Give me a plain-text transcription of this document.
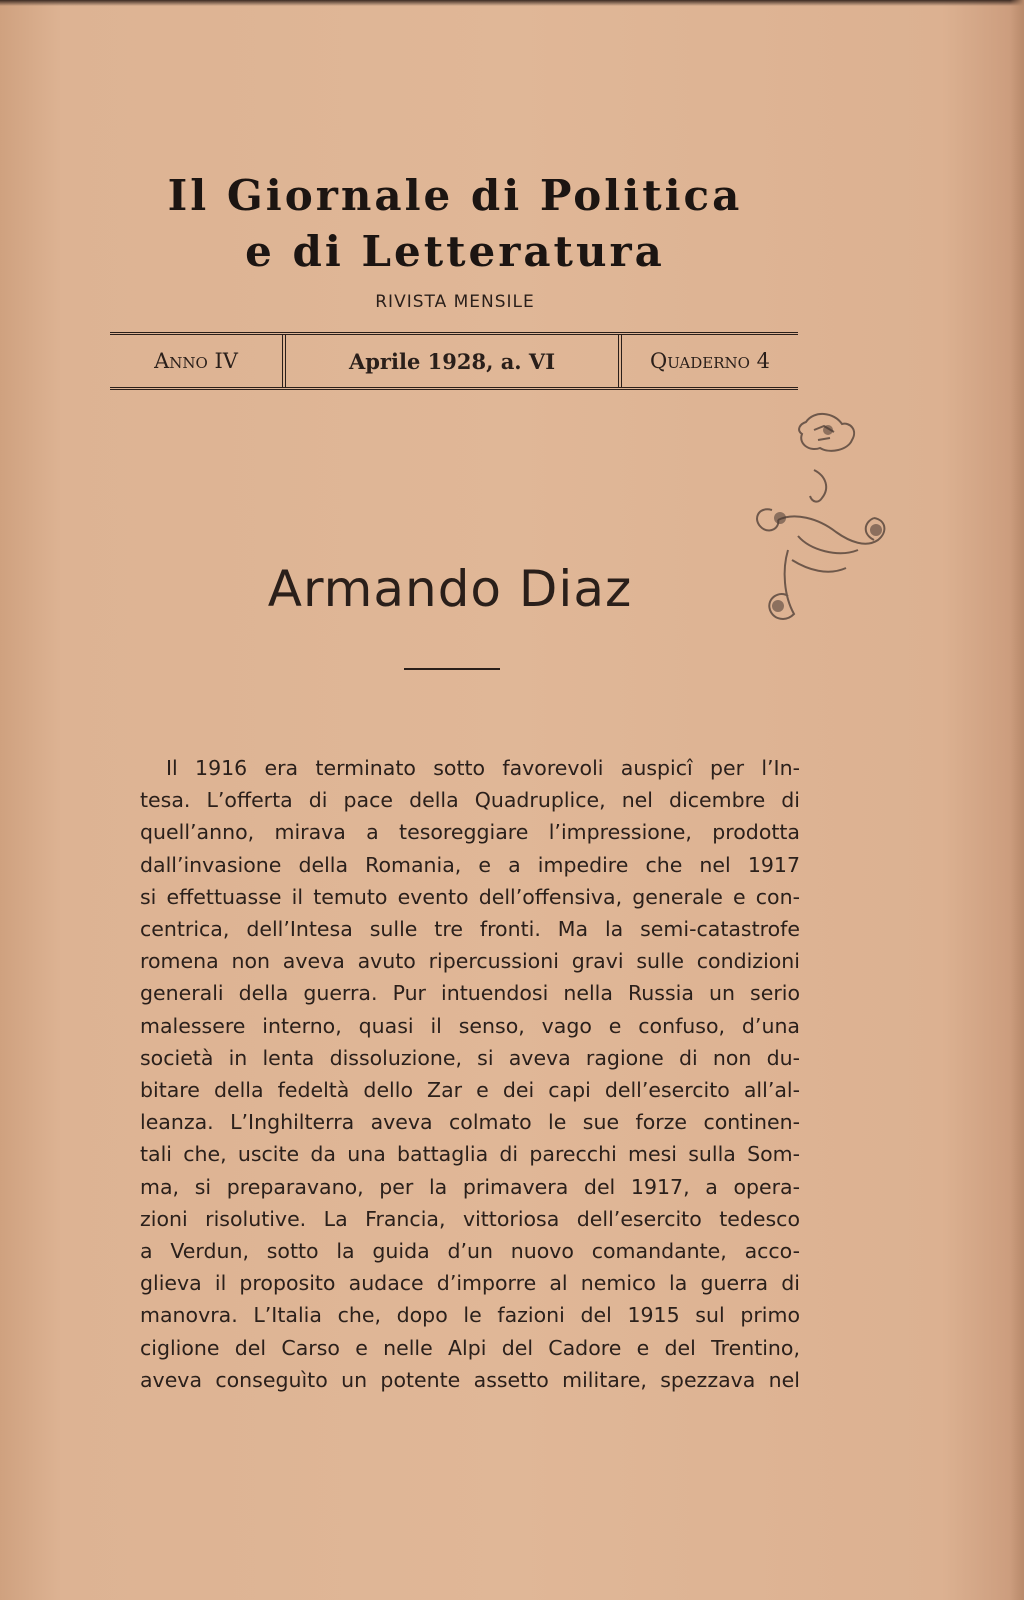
Il Giornale di Politica
e di Letteratura
RIVISTA MENSILE
Anno IV	Aprile 1928, a. VI	Quaderno 4
Armando Diaz
Il 1916 era terminato sotto favorevoli auspicî per l’In-
tesa. L’offerta di pace della Quadruplice, nel dicembre di
quell’anno, mirava a tesoreggiare l’impressione, prodotta
dall’invasione della Romania, e a impedire che nel 1917
si effettuasse il temuto evento dell’offensiva, generale e con-
centrica, dell’Intesa sulle tre fronti. Ma la semi-catastrofe
romena non aveva avuto ripercussioni gravi sulle condizioni
generali della guerra. Pur intuendosi nella Russia un serio
malessere interno, quasi il senso, vago e confuso, d’una
società in lenta dissoluzione, si aveva ragione di non du-
bitare della fedeltà dello Zar e dei capi dell’esercito all’al-
leanza. L’Inghilterra aveva colmato le sue forze continen-
tali che, uscite da una battaglia di parecchi mesi sulla Som-
ma, si preparavano, per la primavera del 1917, a opera-
zioni risolutive. La Francia, vittoriosa dell’esercito tedesco
a Verdun, sotto la guida d’un nuovo comandante, acco-
glieva il proposito audace d’imporre al nemico la guerra di
manovra. L’Italia che, dopo le fazioni del 1915 sul primo
ciglione del Carso e nelle Alpi del Cadore e del Trentino,
aveva conseguìto un potente assetto militare, spezzava nel
